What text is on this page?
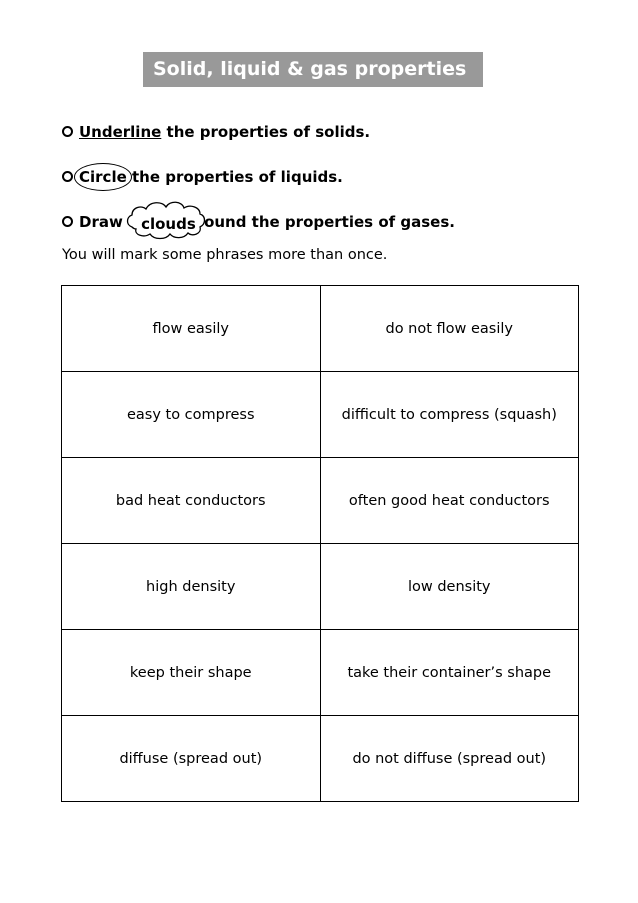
Solid, liquid & gas properties
Underline the properties of solids.
Circle the properties of liquids.
Draw clouds ound the properties of gases.
You will mark some phrases more than once.
flow easily	do not flow easily
easy to compress	difficult to compress (squash)
bad heat conductors	often good heat conductors
high density	low density
keep their shape	take their container’s shape
diffuse (spread out)	do not diffuse (spread out)
